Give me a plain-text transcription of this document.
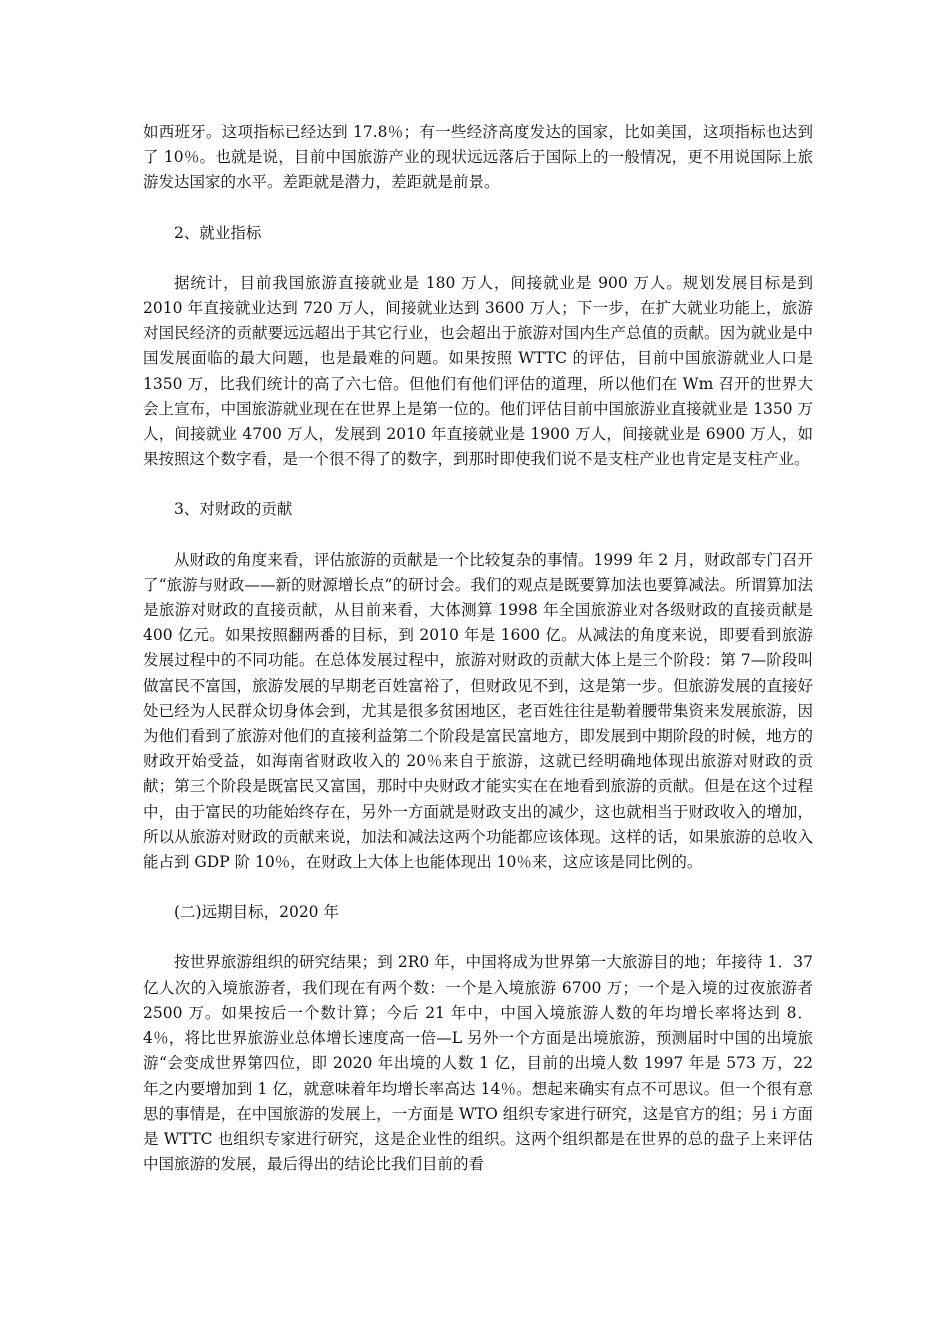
如西班牙。这项指标已经达到 17.8％；有一些经济高度发达的国家，比如美国，这项指标也达到了 10％。也就是说，目前中国旅游产业的现状远远落后于国际上的一般情况，更不用说国际上旅游发达国家的水平。差距就是潜力，差距就是前景。

2、就业指标

据统计，目前我国旅游直接就业是 180 万人，间接就业是 900 万人。规划发展目标是到 2010 年直接就业达到 720 万人，间接就业达到 3600 万人；下一步，在扩大就业功能上，旅游对国民经济的贡献要远远超出于其它行业，也会超出于旅游对国内生产总值的贡献。因为就业是中国发展面临的最大问题，也是最难的问题。如果按照 WTTC 的评估，目前中国旅游就业人口是 1350 万，比我们统计的高了六七倍。但他们有他们评估的道理，所以他们在 Wm 召开的世界大会上宣布，中国旅游就业现在在世界上是第一位的。他们评估目前中国旅游业直接就业是 1350 万人，间接就业 4700 万人，发展到 2010 年直接就业是 1900 万人，间接就业是 6900 万人，如果按照这个数字看，是一个很不得了的数字，到那时即使我们说不是支柱产业也肯定是支柱产业。

3、对财政的贡献

从财政的角度来看，评估旅游的贡献是一个比较复杂的事情。1999 年 2 月，财政部专门召开了“旅游与财政——新的财源增长点”的研讨会。我们的观点是既要算加法也要算减法。所谓算加法是旅游对财政的直接贡献，从目前来看，大体测算 1998 年全国旅游业对各级财政的直接贡献是 400 亿元。如果按照翻两番的目标，到 2010 年是 1600 亿。从减法的角度来说，即要看到旅游发展过程中的不同功能。在总体发展过程中，旅游对财政的贡献大体上是三个阶段：第 7—阶段叫做富民不富国，旅游发展的早期老百姓富裕了，但财政见不到，这是第一步。但旅游发展的直接好处已经为人民群众切身体会到，尤其是很多贫困地区，老百姓往往是勒着腰带集资来发展旅游，因为他们看到了旅游对他们的直接利益第二个阶段是富民富地方，即发展到中期阶段的时候，地方的财政开始受益，如海南省财政收入的 20％来自于旅游，这就已经明确地体现出旅游对财政的贡献；第三个阶段是既富民又富国，那时中央财政才能实实在在地看到旅游的贡献。但是在这个过程中，由于富民的功能始终存在，另外一方面就是财政支出的减少，这也就相当于财政收入的增加，所以从旅游对财政的贡献来说，加法和减法这两个功能都应该体现。这样的话，如果旅游的总收入能占到 GDP 阶 10％，在财政上大体上也能体现出 10％来，这应该是同比例的。

(二)远期目标，2020 年

按世界旅游组织的研究结果；到 2R0 年，中国将成为世界第一大旅游目的地；年接待 1．37 亿人次的入境旅游者，我们现在有两个数：一个是入境旅游 6700 万；一个是入境的过夜旅游者 2500 万。如果按后一个数计算；今后 21 年中，中国入境旅游人数的年均增长率将达到 8．4％，将比世界旅游业总体增长速度高一倍—L 另外一个方面是出境旅游，预测届时中国的出境旅游“会变成世界第四位，即 2020 年出境的人数 1 亿，目前的出境人数 1997 年是 573 万，22 年之内要增加到 1 亿，就意味着年均增长率高达 14％。想起来确实有点不可思议。但一个很有意思的事情是，在中国旅游的发展上，一方面是 WTO 组织专家进行研究，这是官方的组；另 i 方面是 WTTC 也组织专家进行研究，这是企业性的组织。这两个组织都是在世界的总的盘子上来评估中国旅游的发展，最后得出的结论比我们目前的看
